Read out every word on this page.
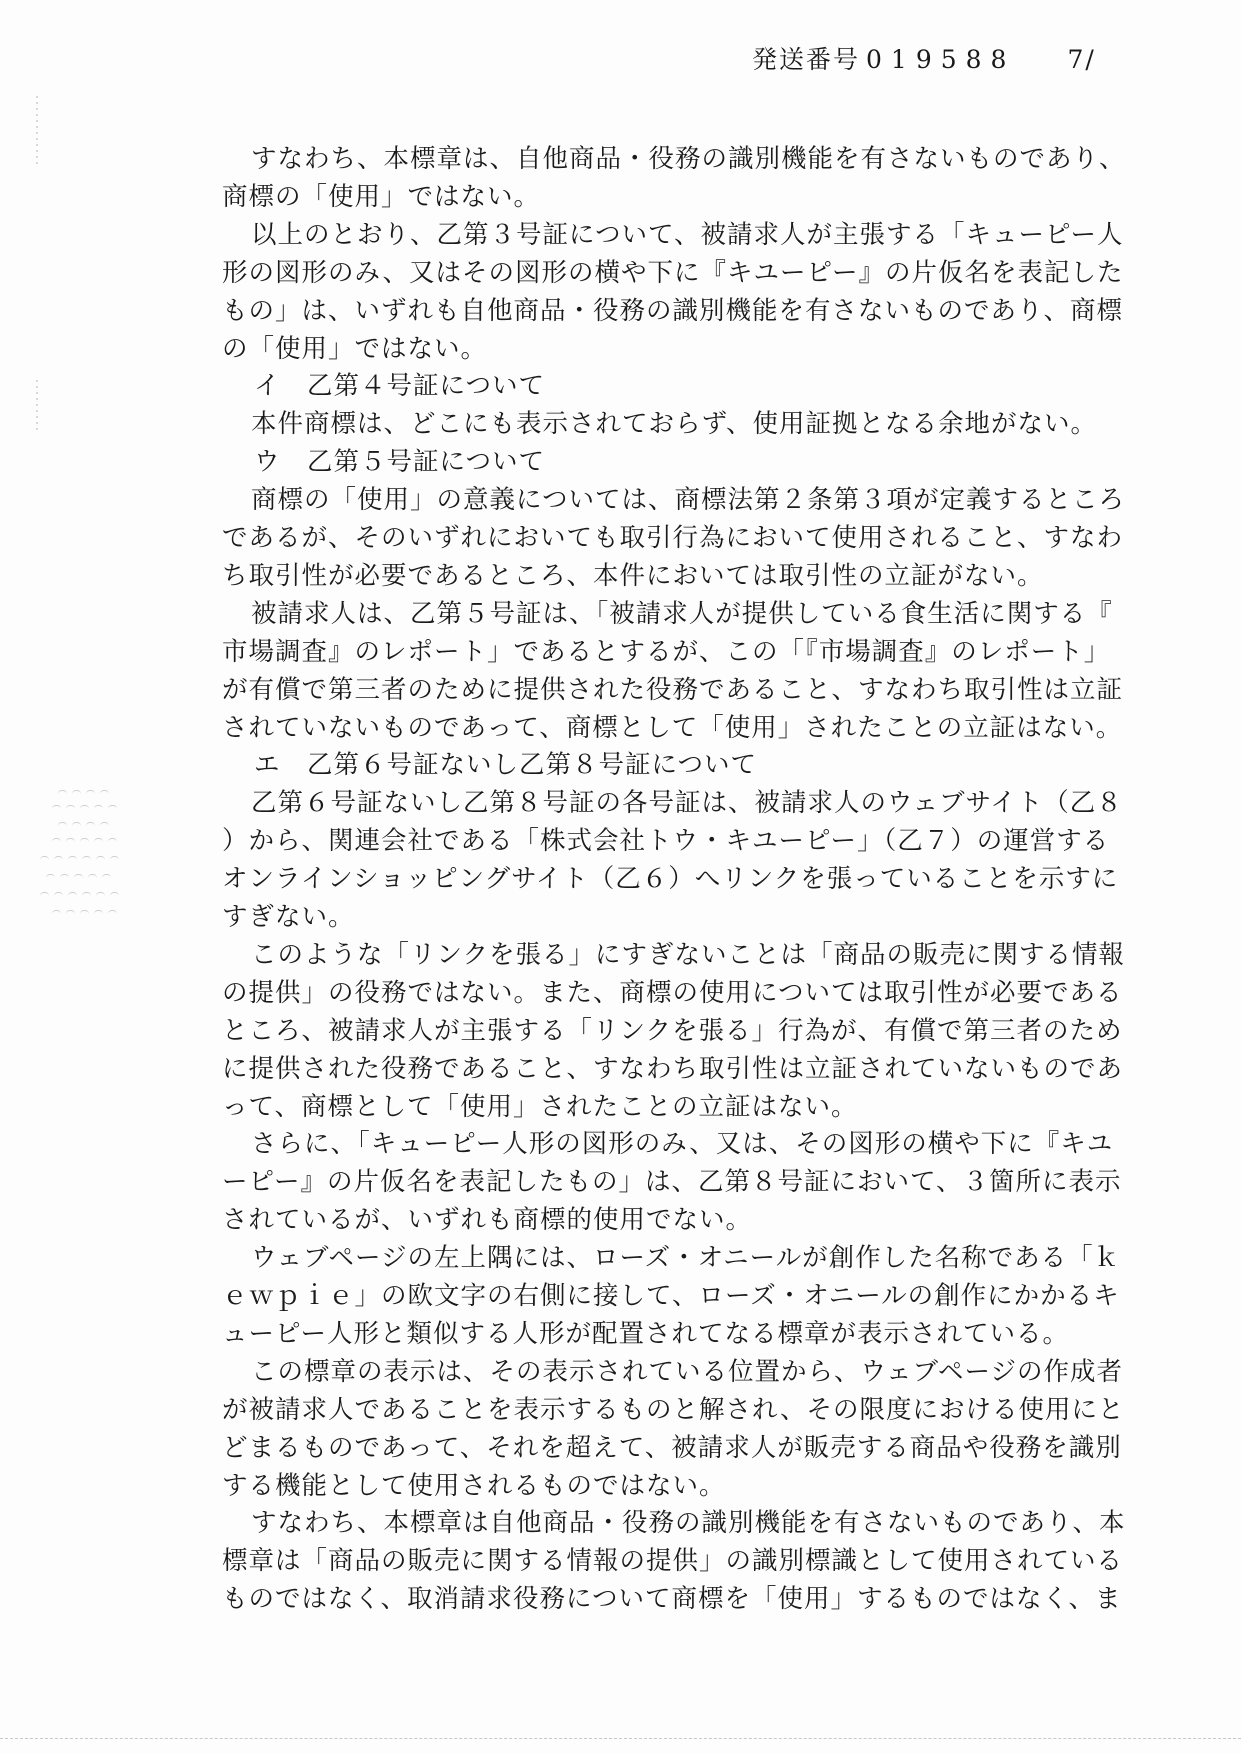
発送番号 019588 7/
すなわち、本標章は、自他商品・役務の識別機能を有さないものであり、
商標の「使用」ではない。
以上のとおり、乙第３号証について、被請求人が主張する「キューピー人
形の図形のみ、又はその図形の横や下に『キユーピー』の片仮名を表記した
もの」は、いずれも自他商品・役務の識別機能を有さないものであり、商標
の「使用」ではない。
イ　乙第４号証について
本件商標は、どこにも表示されておらず、使用証拠となる余地がない。
ウ　乙第５号証について
商標の「使用」の意義については、商標法第２条第３項が定義するところ
であるが、そのいずれにおいても取引行為において使用されること、すなわ
ち取引性が必要であるところ、本件においては取引性の立証がない。
被請求人は、乙第５号証は、「被請求人が提供している食生活に関する『
市場調査』のレポート」であるとするが、この「『市場調査』のレポート」
が有償で第三者のために提供された役務であること、すなわち取引性は立証
されていないものであって、商標として「使用」されたことの立証はない。
エ　乙第６号証ないし乙第８号証について
乙第６号証ないし乙第８号証の各号証は、被請求人のウェブサイト（乙８
）から、関連会社である「株式会社トウ・キユーピー」（乙７）の運営する
オンラインショッピングサイト（乙６）へリンクを張っていることを示すに
すぎない。
このような「リンクを張る」にすぎないことは「商品の販売に関する情報
の提供」の役務ではない。また、商標の使用については取引性が必要である
ところ、被請求人が主張する「リンクを張る」行為が、有償で第三者のため
に提供された役務であること、すなわち取引性は立証されていないものであ
って、商標として「使用」されたことの立証はない。
さらに、「キューピー人形の図形のみ、又は、その図形の横や下に『キユ
ーピー』の片仮名を表記したもの」は、乙第８号証において、３箇所に表示
されているが、いずれも商標的使用でない。
ウェブページの左上隅には、ローズ・オニールが創作した名称である「ｋ
ｅｗｐｉｅ」の欧文字の右側に接して、ローズ・オニールの創作にかかるキ
ューピー人形と類似する人形が配置されてなる標章が表示されている。
この標章の表示は、その表示されている位置から、ウェブページの作成者
が被請求人であることを表示するものと解され、その限度における使用にと
どまるものであって、それを超えて、被請求人が販売する商品や役務を識別
する機能として使用されるものではない。
すなわち、本標章は自他商品・役務の識別機能を有さないものであり、本
標章は「商品の販売に関する情報の提供」の識別標識として使用されている
ものではなく、取消請求役務について商標を「使用」するものではなく、ま
